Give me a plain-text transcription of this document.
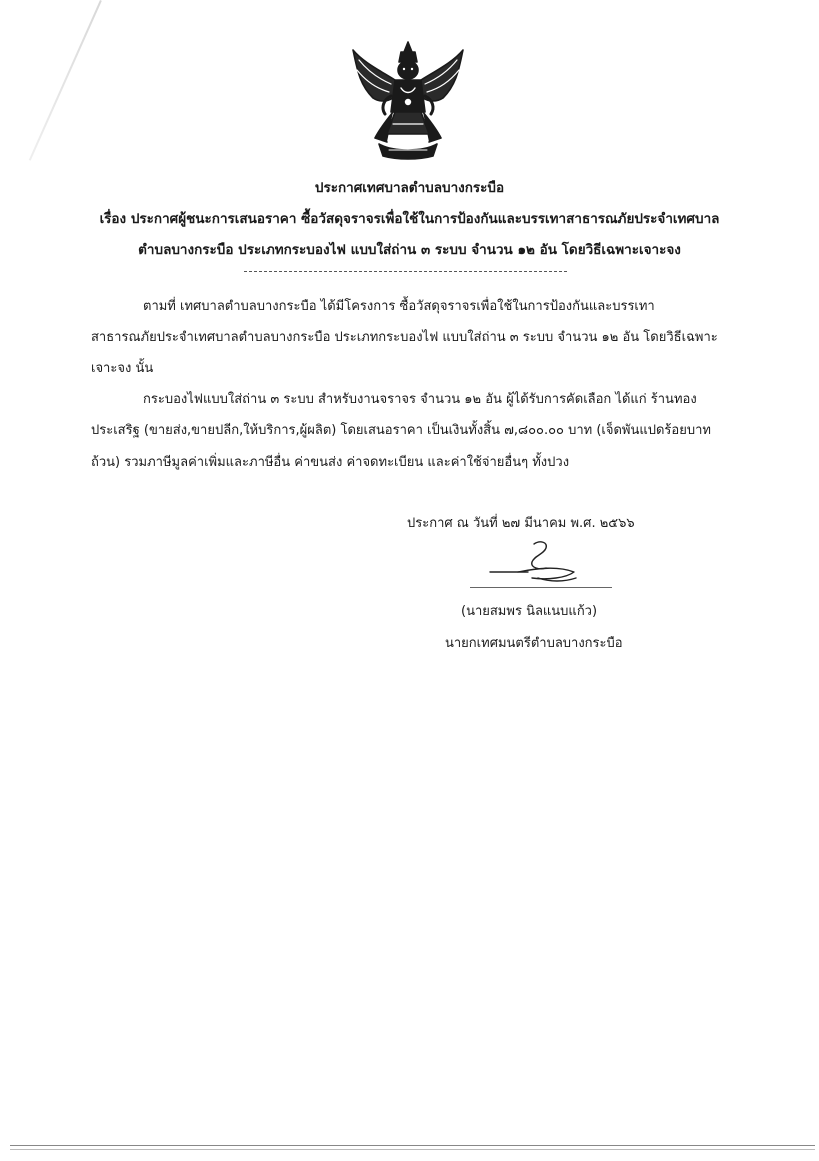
ประกาศเทศบาลตำบลบางกระบือ
เรื่อง ประกาศผู้ชนะการเสนอราคา ซื้อวัสดุจราจรเพื่อใช้ในการป้องกันและบรรเทาสาธารณภัยประจำเทศบาล
ตำบลบางกระบือ ประเภทกระบองไฟ แบบใส่ถ่าน ๓ ระบบ จำนวน ๑๒ อัน โดยวิธีเฉพาะเจาะจง
ตามที่ เทศบาลตำบลบางกระบือ ได้มีโครงการ ซื้อวัสดุจราจรเพื่อใช้ในการป้องกันและบรรเทา
สาธารณภัยประจำเทศบาลตำบลบางกระบือ ประเภทกระบองไฟ แบบใส่ถ่าน ๓ ระบบ จำนวน ๑๒ อัน โดยวิธีเฉพาะ
เจาะจง นั้น
กระบองไฟแบบใส่ถ่าน ๓ ระบบ สำหรับงานจราจร จำนวน ๑๒ อัน ผู้ได้รับการคัดเลือก ได้แก่ ร้านทอง
ประเสริฐ (ขายส่ง,ขายปลีก,ให้บริการ,ผู้ผลิต) โดยเสนอราคา เป็นเงินทั้งสิ้น ๗,๘๐๐.๐๐ บาท (เจ็ดพันแปดร้อยบาท
ถ้วน) รวมภาษีมูลค่าเพิ่มและภาษีอื่น ค่าขนส่ง ค่าจดทะเบียน และค่าใช้จ่ายอื่นๆ ทั้งปวง
ประกาศ ณ วันที่ ๒๗ มีนาคม พ.ศ. ๒๕๖๖
(นายสมพร นิลแนบแก้ว)
นายกเทศมนตรีตำบลบางกระบือ
